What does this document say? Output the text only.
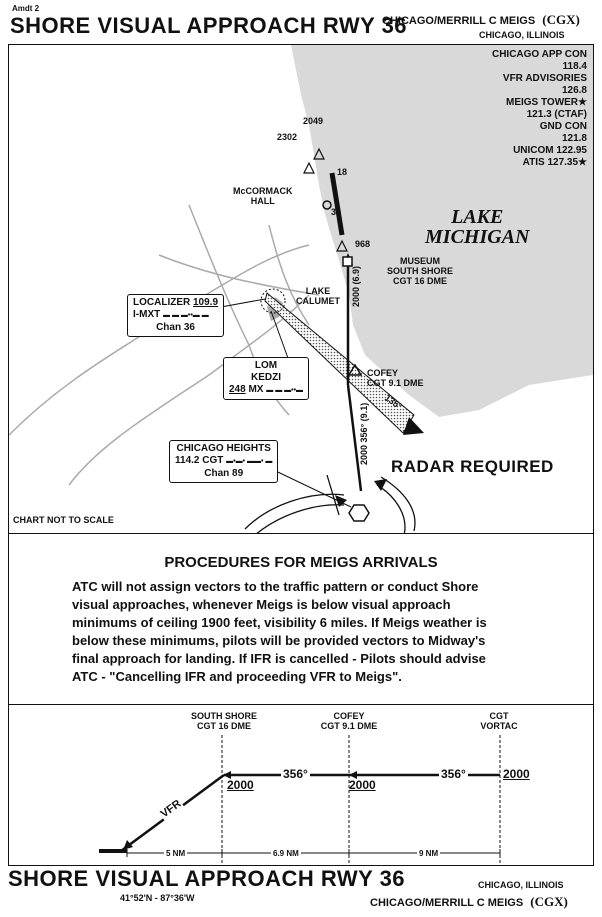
Amdt 2
SHORE VISUAL APPROACH RWY 36
CHICAGO/MERRILL C MEIGS (CGX)
CHICAGO, ILLINOIS
LAKE
MICHIGAN
2049
2302
McCORMACK
HALL
18
36
968
MUSEUM
SOUTH SHORE
CGT 16 DME
LAKE
CALUMET 2000 (6.9)
COFEY
CGT 9.1 DME
2000 356° (9.1)
135°
RADAR REQUIRED
CHART NOT TO SCALE
CHICAGO APP CON
118.4
VFR ADVISORIES
126.8
MEIGS TOWER★
121.3 (CTAF)
GND CON
121.8
UNICOM 122.95
ATIS 127.35★
LOCALIZER 109.9
I-MXT ▬ ▬ ▬••▬ ▬
Chan 36
LOM
KEDZI
248 MX ▬ ▬ ▬••▬
CHICAGO HEIGHTS
114.2 CGT ▬•▬• ▬▬• ▬
Chan 89
PROCEDURES FOR MEIGS ARRIVALS
ATC will not assign vectors to the traffic pattern or conduct Shore
visual approaches, whenever Meigs is below visual approach
minimums of ceiling 1900 feet, visibility 6 miles. If Meigs weather is
below these minimums, pilots will be provided vectors to Midway's
final approach for landing. If IFR is cancelled - Pilots should advise
ATC - "Cancelling IFR and proceeding VFR to Meigs".
SOUTH SHORE
CGT 16 DME
COFEY
CGT 9.1 DME
CGT
VORTAC
2000	2000
2000
356°	356°
VFR
5 NM	6.9 NM	9 NM
SHORE VISUAL APPROACH RWY 36
41°52'N - 87°36'W
CHICAGO, ILLINOIS
CHICAGO/MERRILL C MEIGS (CGX)
